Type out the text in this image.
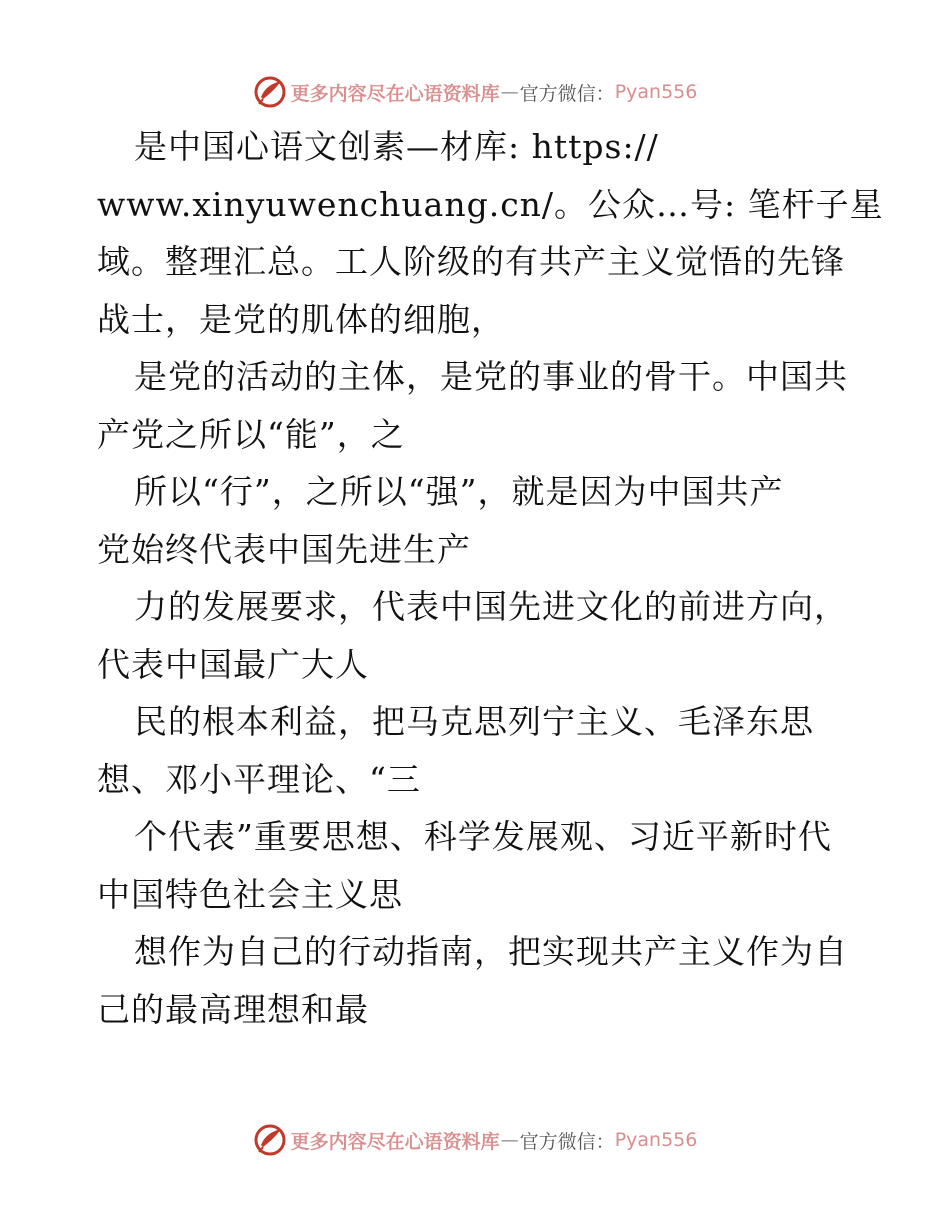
更多内容尽在心语资料库 — 官方微信： Pyan556
是中国心语文创素—材库: https://
www.xinyuwenchuang.cn/。公众…号: 笔杆子星
域。整理汇总。工人阶级的有共产主义觉悟的先锋
战士，是党的肌体的细胞，
是党的活动的主体，是党的事业的骨干。中国共
产党之所以“能”，之
所以“行”，之所以“强”，就是因为中国共产
党始终代表中国先进生产
力的发展要求，代表中国先进文化的前进方向，
代表中国最广大人
民的根本利益，把马克思列宁主义、毛泽东思
想、邓小平理论、“三
个代表”重要思想、科学发展观、习近平新时代
中国特色社会主义思
想作为自己的行动指南，把实现共产主义作为自
己的最高理想和最
更多内容尽在心语资料库 — 官方微信： Pyan556
